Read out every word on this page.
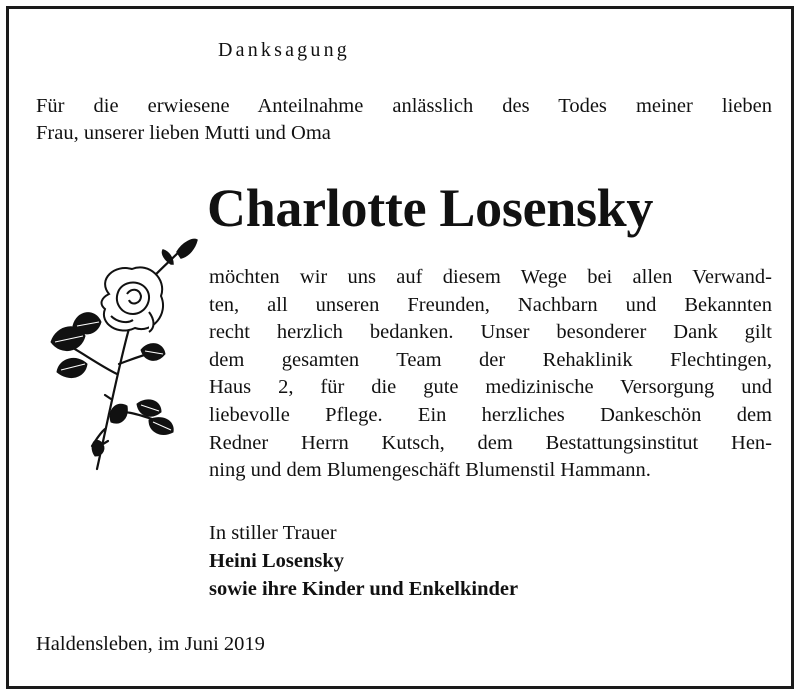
Danksagung
Für die erwiesene Anteilnahme anlässlich des Todes meiner lieben
Frau, unserer lieben Mutti und Oma
Charlotte Losensky
möchten wir uns auf diesem Wege bei allen Verwand-
ten, all unseren Freunden, Nachbarn und Bekannten
recht herzlich bedanken. Unser besonderer Dank gilt
dem gesamten Team der Rehaklinik Flechtingen,
Haus 2, für die gute medizinische Versorgung und
liebevolle Pflege. Ein herzliches Dankeschön dem
Redner Herrn Kutsch, dem Bestattungsinstitut Hen-
ning und dem Blumengeschäft Blumenstil Hammann.
In stiller Trauer
Heini Losensky
sowie ihre Kinder und Enkelkinder
Haldensleben, im Juni 2019
